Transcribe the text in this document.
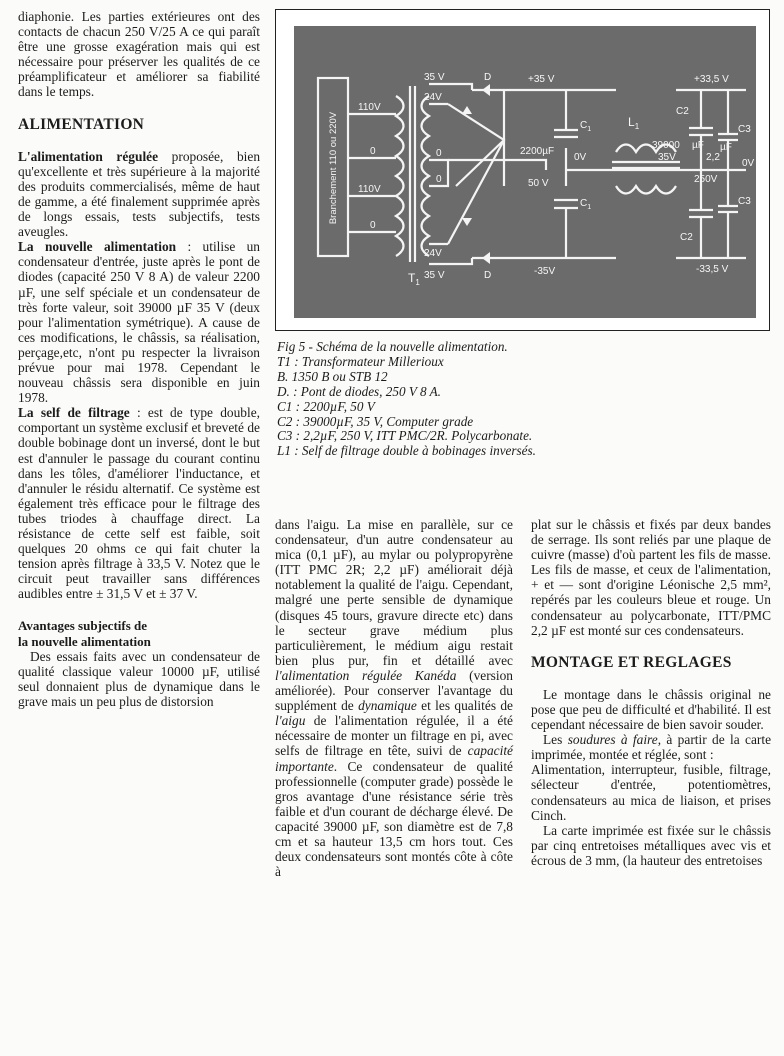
diaphonie. Les parties extérieures ont des contacts de chacun 250 V/25 A ce qui paraît être une grosse exagération mais qui est nécessaire pour préserver les qualités de ce préamplificateur et améliorer sa fiabilité dans le temps.

ALIMENTATION

L'alimentation régulée proposée, bien qu'excellente et très supérieure à la majorité des produits commercialisés, même de haut de gamme, a été finalement supprimée après de longs essais, tests subjectifs, tests aveugles.

La nouvelle alimentation : utilise un condensateur d'entrée, juste après le pont de diodes (capacité 250 V 8 A) de valeur 2200 µF, une self spéciale et un condensateur de très forte valeur, soit 39000 µF 35 V (deux pour l'alimentation symétrique). A cause de ces modifications, le châssis, sa réalisation, perçage,etc, n'ont pu respecter la livraison prévue pour mai 1978. Cependant le nouveau châssis sera disponible en juin 1978.

La self de filtrage : est de type double, comportant un système exclusif et breveté de double bobinage dont un inversé, dont le but est d'annuler le passage du courant continu dans les tôles, d'améliorer l'inductance, et d'annuler le résidu alternatif. Ce système est également très efficace pour le filtrage des tubes triodes à chauffage direct. La résistance de cette self est faible, soit quelques 20 ohms ce qui fait chuter la tension après filtrage à 33,5 V. Notez que le circuit peut travailler sans différences audibles entre ± 31,5 V et ± 37 V.

Avantages subjectifs de
la nouvelle alimentation

Des essais faits avec un condensateur de qualité classique valeur 10000 µF, utilisé seul donnaient plus de dynamique dans le grave mais un peu plus de distorsion

Branchement 110 ou 220V
110V
0
110V
0
35 V
35 V
24V
24V
0
0
$T_1$
D
D
+35 V
-35V
0V
$C_1$
$C_1$
2200µF
50 V
$L_1$
+33,5 V
-33,5 V
0V
C2
C2
C3
C3
39000 µF
35V	2,2
µF
250V
Fig 5 - Schéma de la nouvelle alimentation.
T1 : Transformateur Millerioux
B. 1350 B ou STB 12
D. : Pont de diodes, 250 V 8 A.
C1 : 2200µF, 50 V
C2 : 39000µF, 35 V, Computer grade
C3 : 2,2µF, 250 V, ITT PMC/2R. Polycarbonate.
L1 : Self de filtrage double à bobinages inversés.

dans l'aigu. La mise en parallèle, sur ce condensateur, d'un autre condensateur au mica (0,1 µF), au mylar ou polypropyrène (ITT PMC 2R; 2,2 µF) améliorait déjà notablement la qualité de l'aigu. Cependant, malgré une perte sensible de dynamique (disques 45 tours, gravure directe etc) dans le secteur grave médium plus particulièrement, le médium aigu restait bien plus pur, fin et détaillé avec l'alimentation régulée Kanéda (version améliorée). Pour conserver l'avantage du supplément de dynamique et les qualités de l'aigu de l'alimentation régulée, il a été nécessaire de monter un filtrage en pi, avec selfs de filtrage en tête, suivi de capacité importante. Ce condensateur de qualité professionnelle (computer grade) possède le gros avantage d'une résistance série très faible et d'un courant de décharge élevé. De capacité 39000 µF, son diamètre est de 7,8 cm et sa hauteur 13,5 cm hors tout. Ces deux condensateurs sont montés côte à côte à

plat sur le châssis et fixés par deux bandes de serrage. Ils sont reliés par une plaque de cuivre (masse) d'où partent les fils de masse. Les fils de masse, et ceux de l'alimentation, + et — sont d'origine Léonische 2,5 mm², repérés par les couleurs bleue et rouge. Un condensateur au polycarbonate, ITT/PMC 2,2 µF est monté sur ces condensateurs.

MONTAGE ET REGLAGES

Le montage dans le châssis original ne pose que peu de difficulté et d'habilité. Il est cependant nécessaire de bien savoir souder.

Les soudures à faire, à partir de la carte imprimée, montée et réglée, sont :

Alimentation, interrupteur, fusible, filtrage, sélecteur d'entrée, potentiomètres, condensateurs au mica de liaison, et prises Cinch.

La carte imprimée est fixée sur le châssis par cinq entretoises métalliques avec vis et écrous de 3 mm, (la hauteur des entretoises
